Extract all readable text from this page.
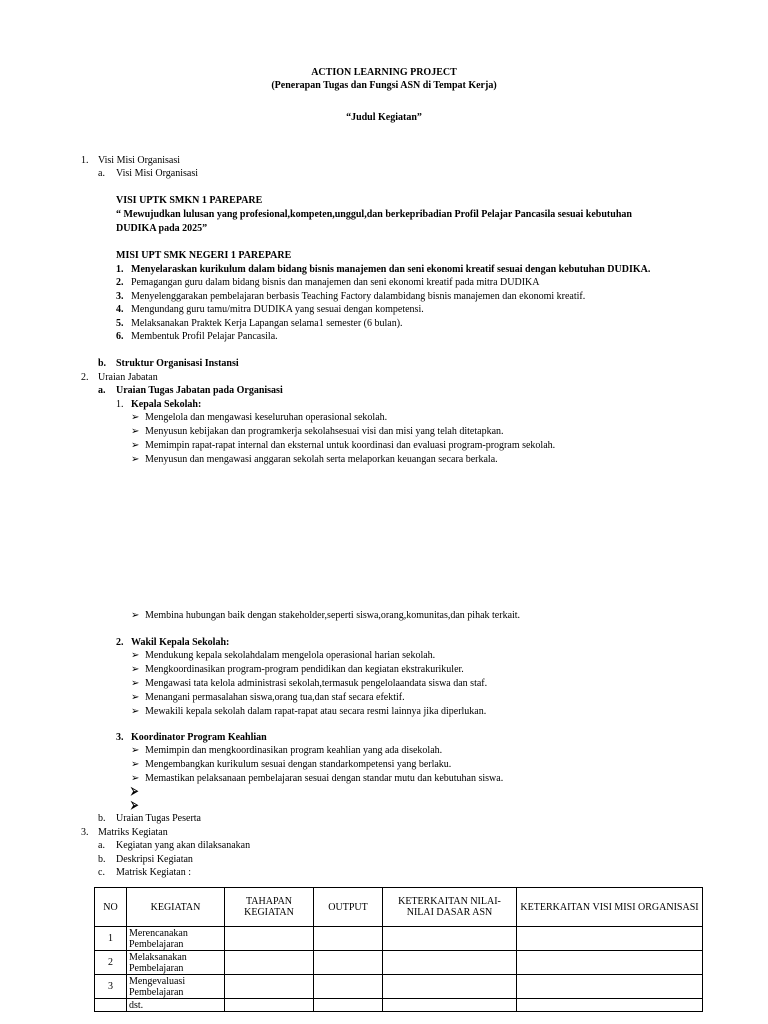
ACTION LEARNING PROJECT
(Penerapan Tugas dan Fungsi ASN di Tempat Kerja)
“Judul Kegiatan”
1. Visi Misi Organisasi
a. Visi Misi Organisasi
VISI UPTK SMKN 1 PAREPARE
“ Mewujudkan lulusan yang profesional,kompeten,unggul,dan berkepribadian Profil Pelajar Pancasila sesuai kebutuhan
DUDIKA pada 2025”
MISI UPT SMK NEGERI 1 PAREPARE
1. Menyelaraskan kurikulum dalam bidang bisnis manajemen dan seni ekonomi kreatif sesuai dengan kebutuhan DUDIKA.
2. Pemagangan guru dalam bidang bisnis dan manajemen dan seni ekonomi kreatif pada mitra DUDIKA
3. Menyelenggarakan pembelajaran berbasis Teaching Factory dalambidang bisnis manajemen dan ekonomi kreatif.
4. Mengundang guru tamu/mitra DUDIKA yang sesuai dengan kompetensi.
5. Melaksanakan Praktek Kerja Lapangan selama1 semester (6 bulan).
6. Membentuk Profil Pelajar Pancasila.
b. Struktur Organisasi Instansi
2. Uraian Jabatan
a. Uraian Tugas Jabatan pada Organisasi
1. Kepala Sekolah:
➢ Mengelola dan mengawasi keseluruhan operasional sekolah.
➢ Menyusun kebijakan dan programkerja sekolahsesuai visi dan misi yang telah ditetapkan.
➢ Memimpin rapat-rapat internal dan eksternal untuk koordinasi dan evaluasi program-program sekolah.
➢ Menyusun dan mengawasi anggaran sekolah serta melaporkan keuangan secara berkala.
➢ Membina hubungan baik dengan stakeholder,seperti siswa,orang,komunitas,dan pihak terkait.
2. Wakil Kepala Sekolah:
➢ Mendukung kepala sekolahdalam mengelola operasional harian sekolah.
➢ Mengkoordinasikan program-program pendidikan dan kegiatan ekstrakurikuler.
➢ Mengawasi tata kelola administrasi sekolah,termasuk pengelolaandata siswa dan staf.
➢ Menangani permasalahan siswa,orang tua,dan staf secara efektif.
➢ Mewakili kepala sekolah dalam rapat-rapat atau secara resmi lainnya jika diperlukan.
3. Koordinator Program Keahlian
➢ Memimpin dan mengkoordinasikan program keahlian yang ada disekolah.
➢ Mengembangkan kurikulum sesuai dengan standarkompetensi yang berlaku.
➢ Memastikan pelaksanaan pembelajaran sesuai dengan standar mutu dan kebutuhan siswa.
⮚
⮚
b. Uraian Tugas Peserta
3. Matriks Kegiatan
a. Kegiatan yang akan dilaksanakan
b. Deskripsi Kegiatan
c. Matrisk Kegiatan :
NO	KEGIATAN	TAHAPAN KEGIATAN	OUTPUT	KETERKAITAN NILAI-NILAI DASAR ASN	KETERKAITAN VISI MISI ORGANISASI
1	Merencanakan Pembelajaran				
2	Melaksanakan Pembelajaran				
3	Mengevaluasi Pembelajaran				
	dst.				
